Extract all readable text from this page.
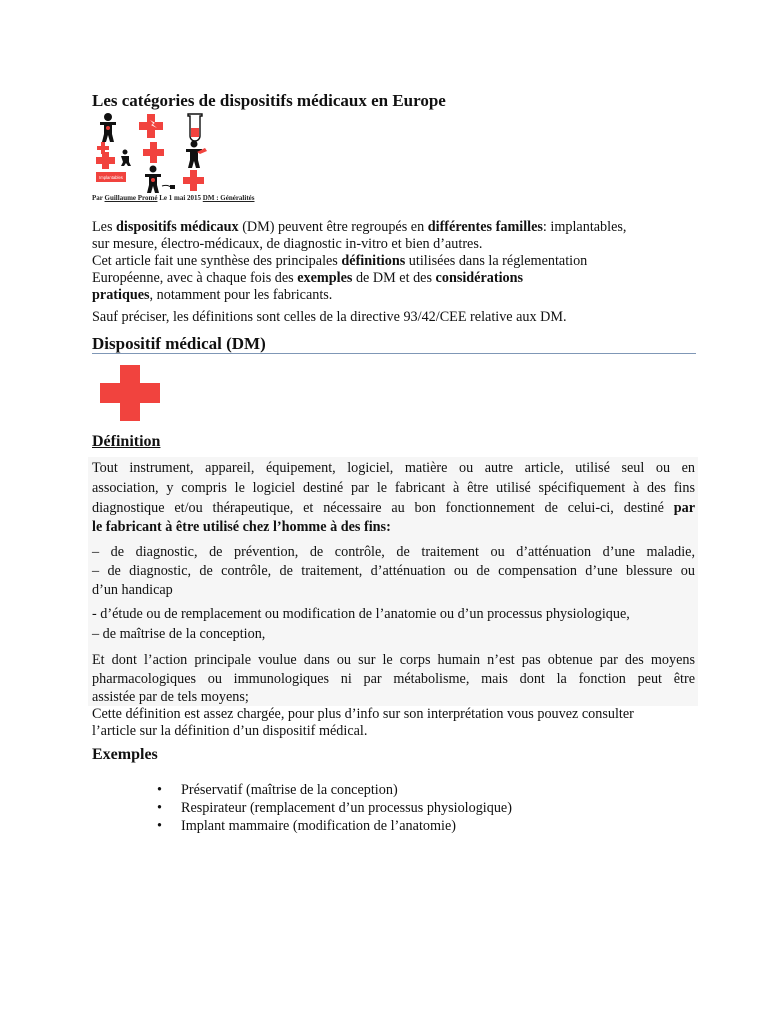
Les catégories de dispositifs médicaux en Europe
Implantables
Par Guillaume Promé Le 1 mai 2015 DM : Généralités
Les dispositifs médicaux (DM) peuvent être regroupés en différentes familles: implantables,
sur mesure, électro-médicaux, de diagnostic in-vitro et bien d’autres.
Cet article fait une synthèse des principales définitions utilisées dans la réglementation
Européenne, avec à chaque fois des exemples de DM et des considérations
pratiques, notamment pour les fabricants.
Sauf préciser, les définitions sont celles de la directive 93/42/CEE relative aux DM.
Dispositif médical (DM)
Définition
Tout instrument, appareil, équipement, logiciel, matière ou autre article, utilisé seul ou en
association, y compris le logiciel destiné par le fabricant à être utilisé spécifiquement à des fins
diagnostique et/ou thérapeutique, et nécessaire au bon fonctionnement de celui-ci, destiné par
le fabricant à être utilisé chez l’homme à des fins:
– de diagnostic, de prévention, de contrôle, de traitement ou d’atténuation d’une maladie,
– de diagnostic, de contrôle, de traitement, d’atténuation ou de compensation d’une blessure ou
d’un handicap
- d’étude ou de remplacement ou modification de l’anatomie ou d’un processus physiologique,
– de maîtrise de la conception,
Et dont l’action principale voulue dans ou sur le corps humain n’est pas obtenue par des moyens
pharmacologiques ou immunologiques ni par métabolisme, mais dont la fonction peut être
assistée par de tels moyens;
Cette définition est assez chargée, pour plus d’info sur son interprétation vous pouvez consulter
l’article sur la définition d’un dispositif médical.
Exemples
• Préservatif (maîtrise de la conception)
• Respirateur (remplacement d’un processus physiologique)
• Implant mammaire (modification de l’anatomie)
